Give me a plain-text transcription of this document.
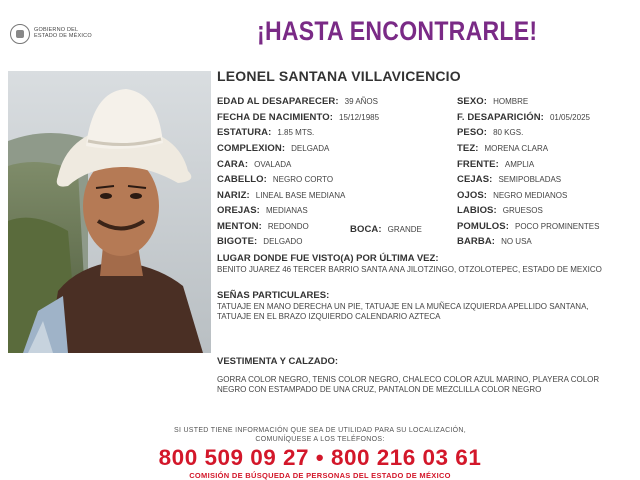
GOBIERNO DEL
ESTADO DE MÉXICO	¡HASTA ENCONTRARLE!
LEONEL SANTANA VILLAVICENCIO
EDAD AL DESAPARECER: 39 AÑOS
FECHA DE NACIMIENTO: 15/12/1985
ESTATURA: 1.85 MTS.
COMPLEXION: DELGADA
CARA: OVALADA
CABELLO: NEGRO CORTO
NARIZ: LINEAL BASE MEDIANA
OREJAS: MEDIANAS
MENTON: REDONDO	BOCA: GRANDE
BIGOTE: DELGADO
SEXO: HOMBRE
F. DESAPARICIÓN: 01/05/2025
PESO: 80 KGS.
TEZ: MORENA CLARA
FRENTE: AMPLIA
CEJAS: SEMIPOBLADAS
OJOS: NEGRO MEDIANOS
LABIOS: GRUESOS
POMULOS: POCO PROMINENTES
BARBA: NO USA
LUGAR DONDE FUE VISTO(A) POR ÚLTIMA VEZ:
BENITO JUAREZ 46 TERCER BARRIO SANTA ANA JILOTZINGO, OTZOLOTEPEC, ESTADO DE MEXICO
SEÑAS PARTICULARES:
TATUAJE EN MANO DERECHA UN PIE, TATUAJE EN LA MUÑECA IZQUIERDA APELLIDO SANTANA, TATUAJE EN EL BRAZO IZQUIERDO CALENDARIO AZTECA
VESTIMENTA Y CALZADO:
GORRA COLOR NEGRO, TENIS COLOR NEGRO, CHALECO COLOR AZUL MARINO, PLAYERA COLOR NEGRO CON ESTAMPADO DE UNA CRUZ, PANTALON DE MEZCLILLA COLOR NEGRO
SI USTED TIENE INFORMACIÓN QUE SEA DE UTILIDAD PARA SU LOCALIZACIÓN,
COMUNÍQUESE A LOS TELÉFONOS:
800 509 09 27 • 800 216 03 61
COMISIÓN DE BÚSQUEDA DE PERSONAS DEL ESTADO DE MÉXICO
